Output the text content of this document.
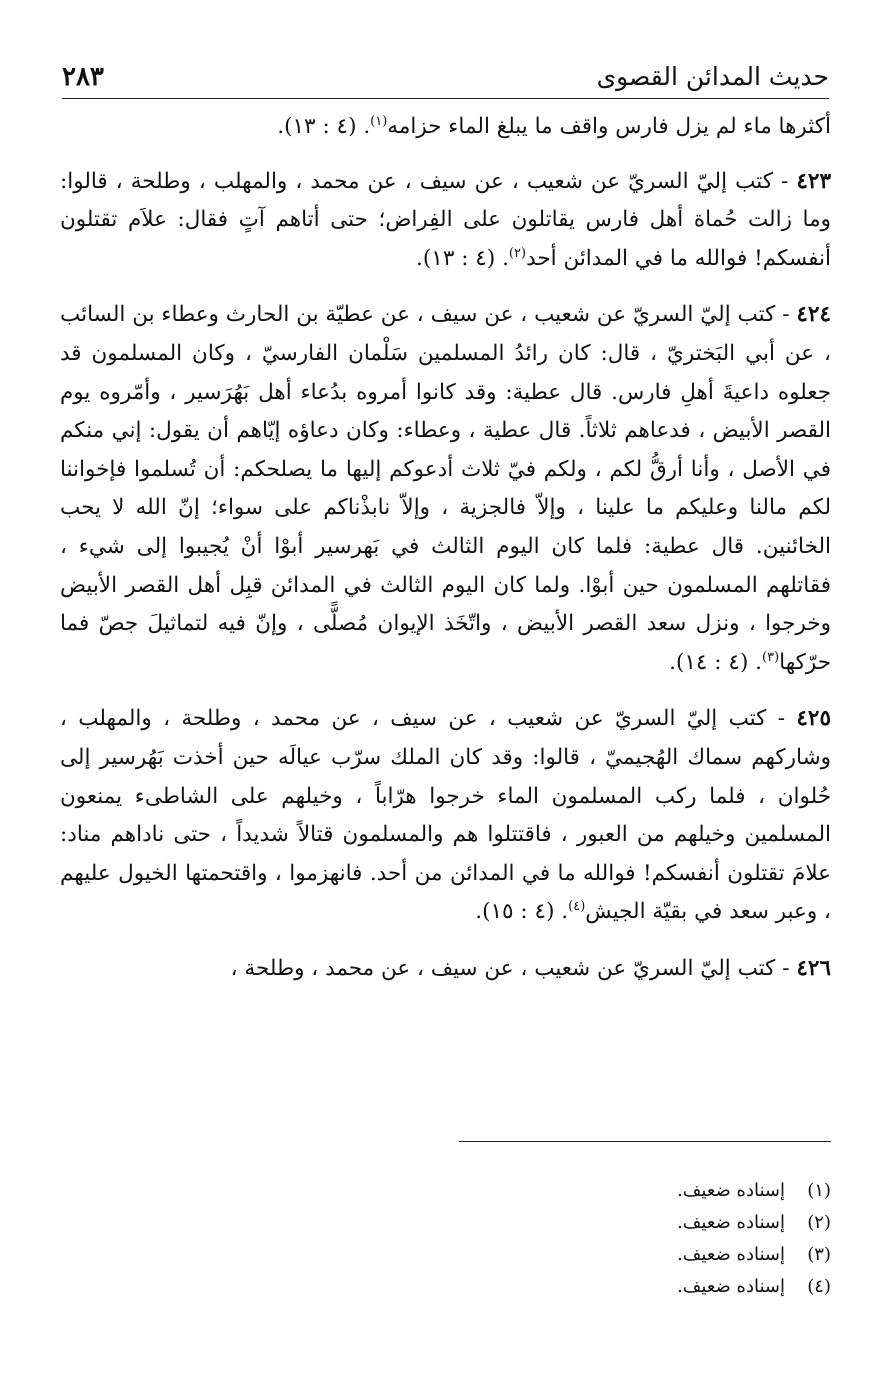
حديث المدائن القصوى
٢٨٣

أكثرها ماء لم يزل فارس واقف ما يبلغ الماء حزامه$^{(١)}$. (٤ : ١٣).

٤٢٣ - كتب إليّ السريّ عن شعيب ، عن سيف ، عن محمد ، والمهلب ، وطلحة ، قالوا: وما زالت حُماة أهل فارس يقاتلون على الفِراض؛ حتى أتاهم آتٍ فقال: علاَم تقتلون أنفسكم! فوالله ما في المدائن أحد$^{(٢)}$. (٤ : ١٣).

٤٢٤ - كتب إليّ السريّ عن شعيب ، عن سيف ، عن عطيّة بن الحارث وعطاء بن السائب ، عن أبي البَختريّ ، قال: كان رائدُ المسلمين سَلْمان الفارسيّ ، وكان المسلمون قد جعلوه داعيةَ أهلِ فارس. قال عطية: وقد كانوا أمروه بدُعاء أهل بَهُرَسير ، وأمّروه يوم القصر الأبيض ، فدعاهم ثلاثاً. قال عطية ، وعطاء: وكان دعاؤه إيّاهم أن يقول: إني منكم في الأصل ، وأنا أرقُّ لكم ، ولكم فيّ ثلاث أدعوكم إليها ما يصلحكم: أن تُسلموا فإخواننا لكم مالنا وعليكم ما علينا ، وإلاّ فالجزية ، وإلاّ نابذْناكم على سواء؛ إنّ الله لا يحب الخائنين. قال عطية: فلما كان اليوم الثالث في بَهرسير أبوْا أنْ يُجيبوا إلى شيء ، فقاتلهم المسلمون حين أبوْا. ولما كان اليوم الثالث في المدائن قبِل أهل القصر الأبيض وخرجوا ، ونزل سعد القصر الأبيض ، واتّخَذ الإيوان مُصلًّى ، وإنّ فيه لتماثيلَ جصّ فما حرّكها$^{(٣)}$. (٤ : ١٤).

٤٢٥ - كتب إليّ السريّ عن شعيب ، عن سيف ، عن محمد ، وطلحة ، والمهلب ، وشاركهم سماك الهُجيميّ ، قالوا: وقد كان الملك سرّب عيالَه حين أخذت بَهُرسير إلى حُلوان ، فلما ركب المسلمون الماء خرجوا هرّاباً ، وخيلهم على الشاطىء يمنعون المسلمين وخيلهم من العبور ، فاقتتلوا هم والمسلمون قتالاً شديداً ، حتى ناداهم مناد: علامَ تقتلون أنفسكم! فوالله ما في المدائن من أحد. فانهزموا ، واقتحمتها الخيول عليهم ، وعبر سعد في بقيّة الجيش$^{(٤)}$. (٤ : ١٥).

٤٢٦ - كتب إليّ السريّ عن شعيب ، عن سيف ، عن محمد ، وطلحة ،

(١)
إسناده ضعيف.
(٢)
إسناده ضعيف.
(٣)
إسناده ضعيف.
(٤)
إسناده ضعيف.
